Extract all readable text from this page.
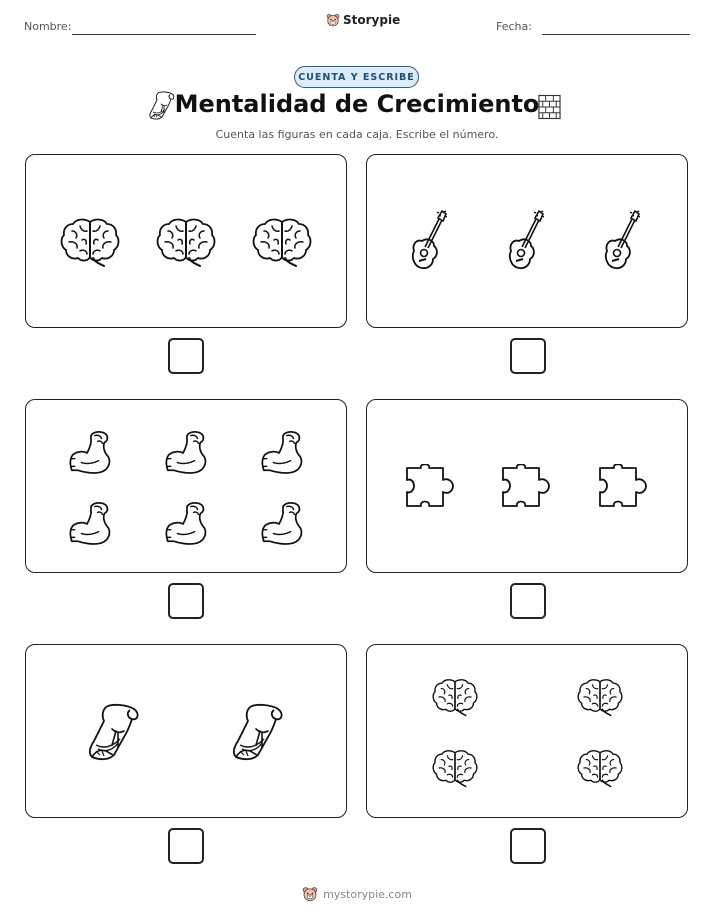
Nombre:	Storypie	Fecha:
CUENTA Y ESCRIBE
Mentalidad de Crecimiento
Cuenta las figuras en cada caja. Escribe el número.
mystorypie.com
